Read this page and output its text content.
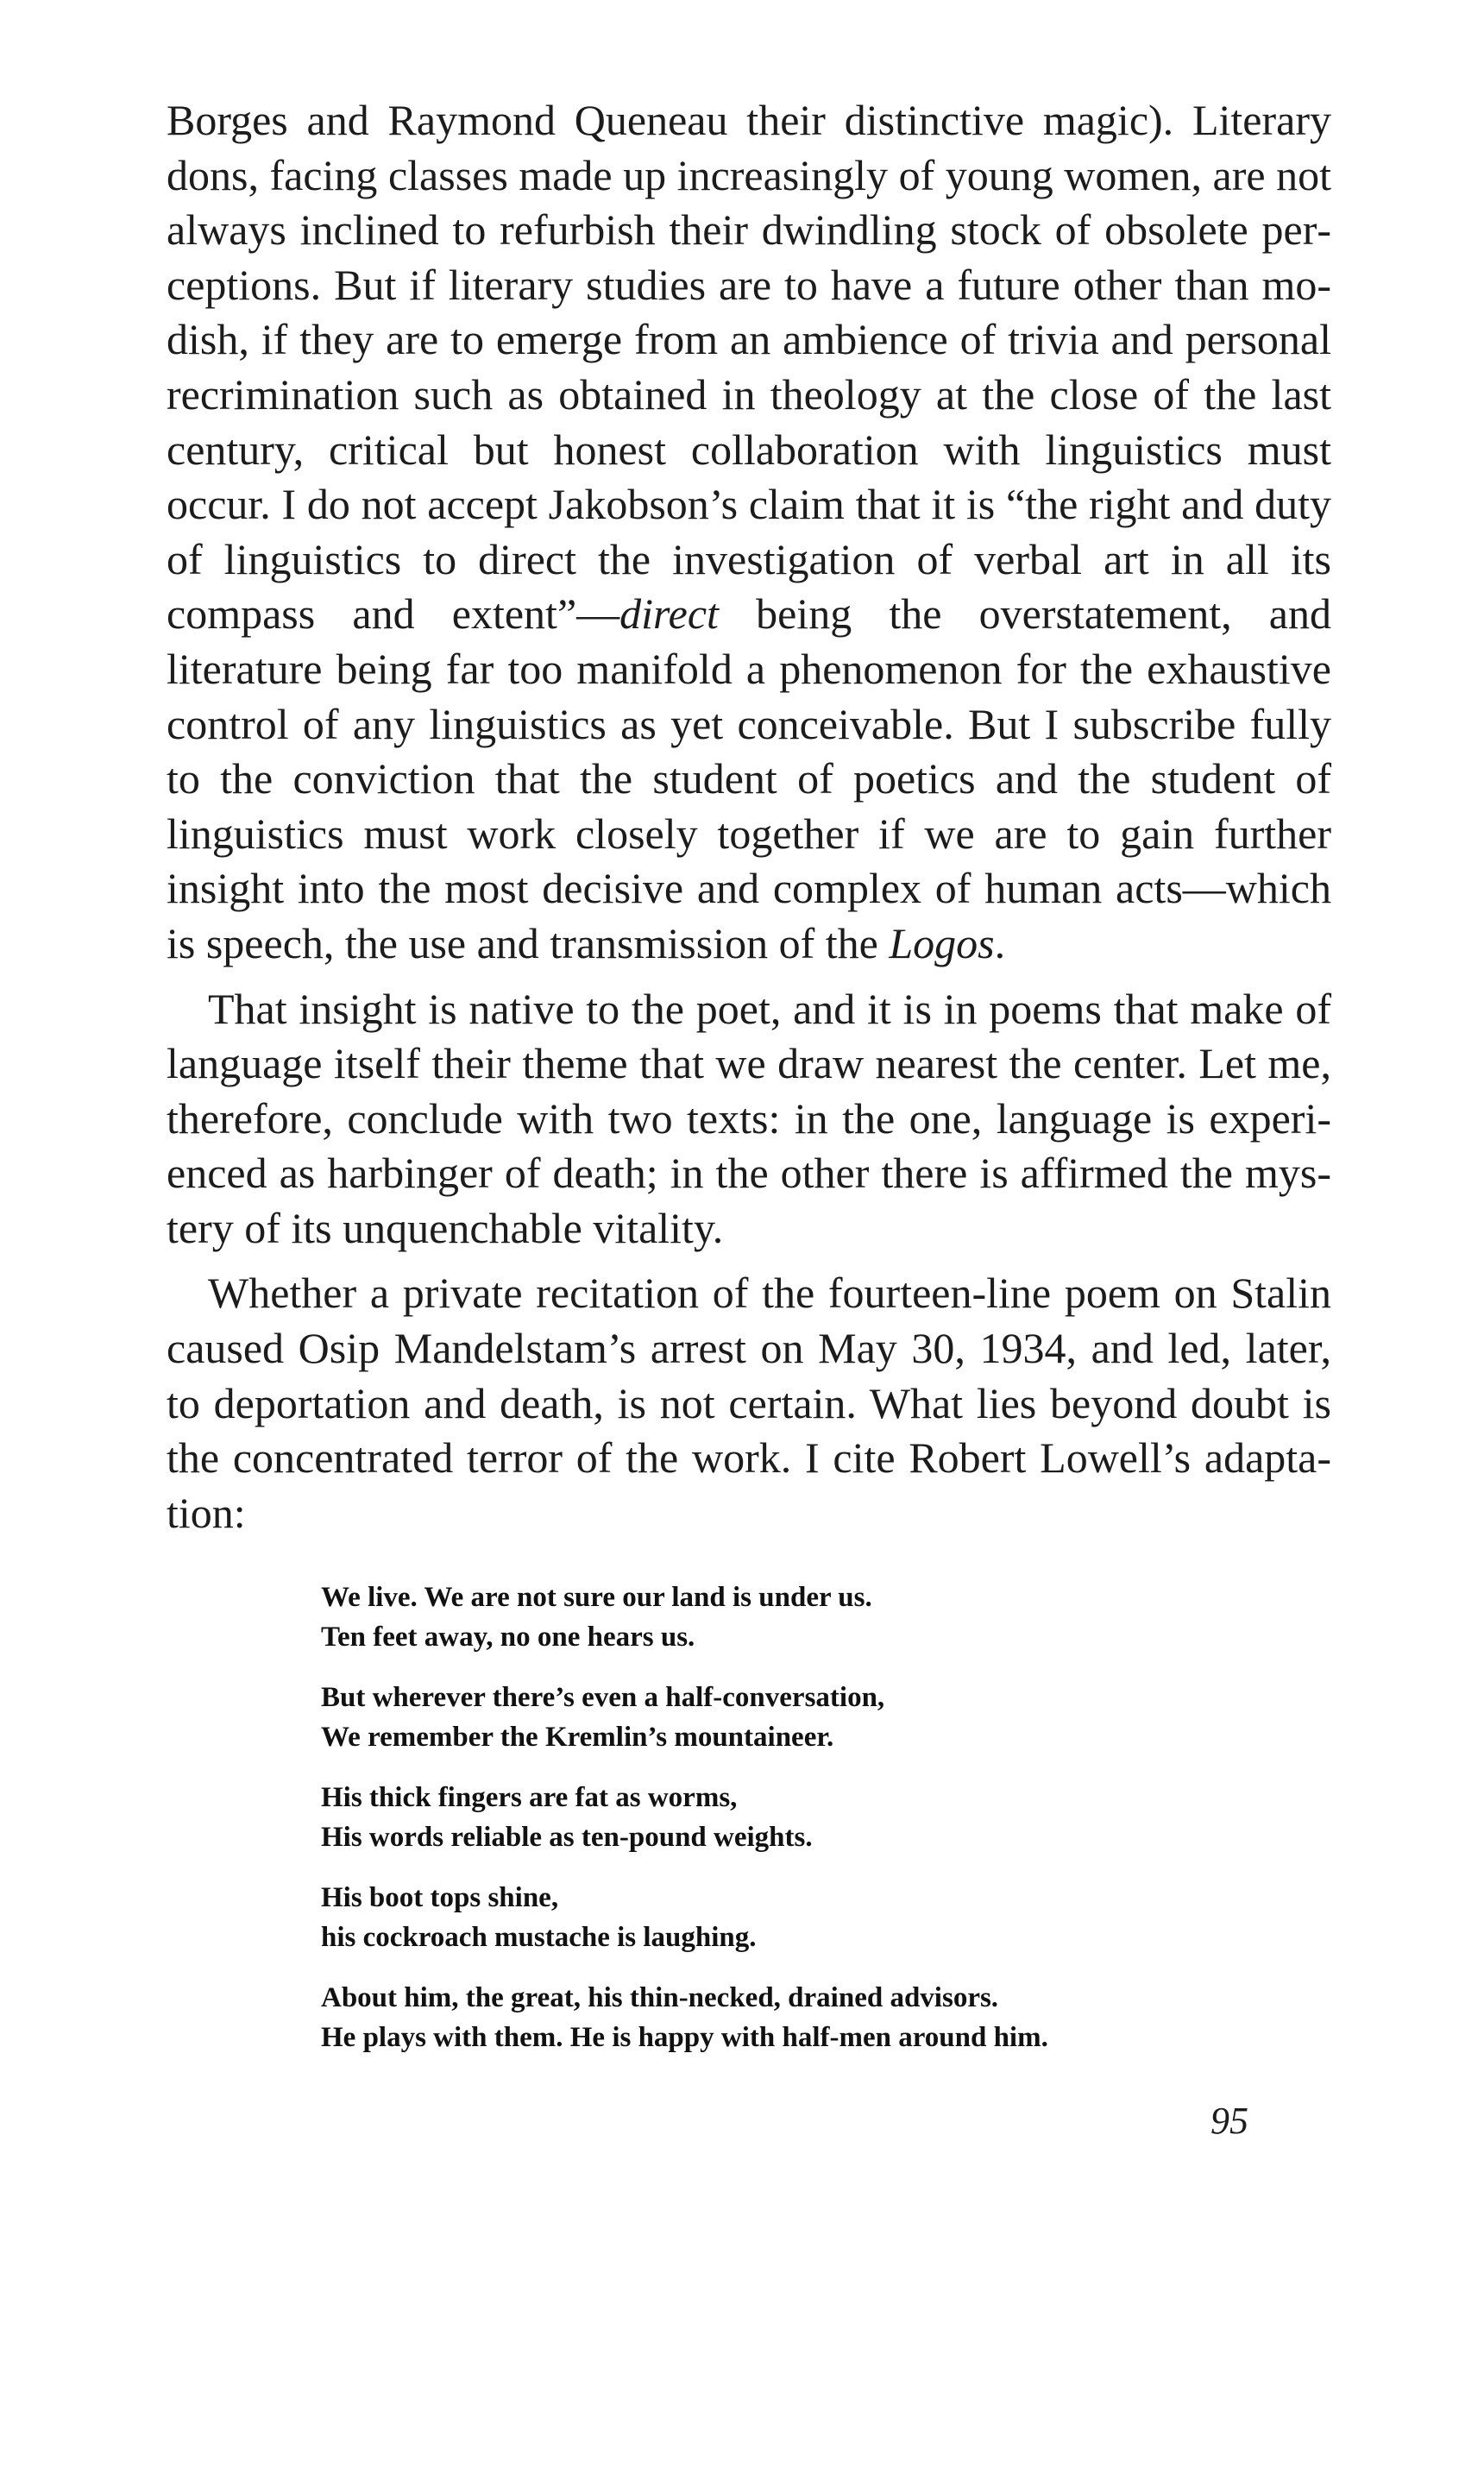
Borges and Raymond Queneau their distinctive magic). Literary dons, facing classes made up increasingly of young women, are not always inclined to refurbish their dwindling stock of obsolete perceptions. But if literary studies are to have a future other than modish, if they are to emerge from an ambience of trivia and personal recrimination such as obtained in theology at the close of the last century, critical but honest collaboration with linguistics must occur. I do not accept Jakobson’s claim that it is “the right and duty of linguistics to direct the investigation of verbal art in all its compass and extent”—direct being the overstatement, and literature being far too manifold a phenomenon for the exhaustive control of any linguistics as yet conceivable. But I subscribe fully to the conviction that the student of poetics and the student of linguistics must work closely together if we are to gain further insight into the most decisive and complex of human acts—which is speech, the use and transmission of the Logos.

That insight is native to the poet, and it is in poems that make of language itself their theme that we draw nearest the center. Let me, therefore, conclude with two texts: in the one, language is experienced as harbinger of death; in the other there is affirmed the mystery of its unquenchable vitality.

Whether a private recitation of the fourteen-line poem on Stalin caused Osip Mandelstam’s arrest on May 30, 1934, and led, later, to deportation and death, is not certain. What lies beyond doubt is the concentrated terror of the work. I cite Robert Lowell’s adaptation:

We live. We are not sure our land is under us.
Ten feet away, no one hears us.
But wherever there’s even a half-conversation,
We remember the Kremlin’s mountaineer.
His thick fingers are fat as worms,
His words reliable as ten-pound weights.
His boot tops shine,
his cockroach mustache is laughing.
About him, the great, his thin-necked, drained advisors.
He plays with them. He is happy with half-men around him.
95
